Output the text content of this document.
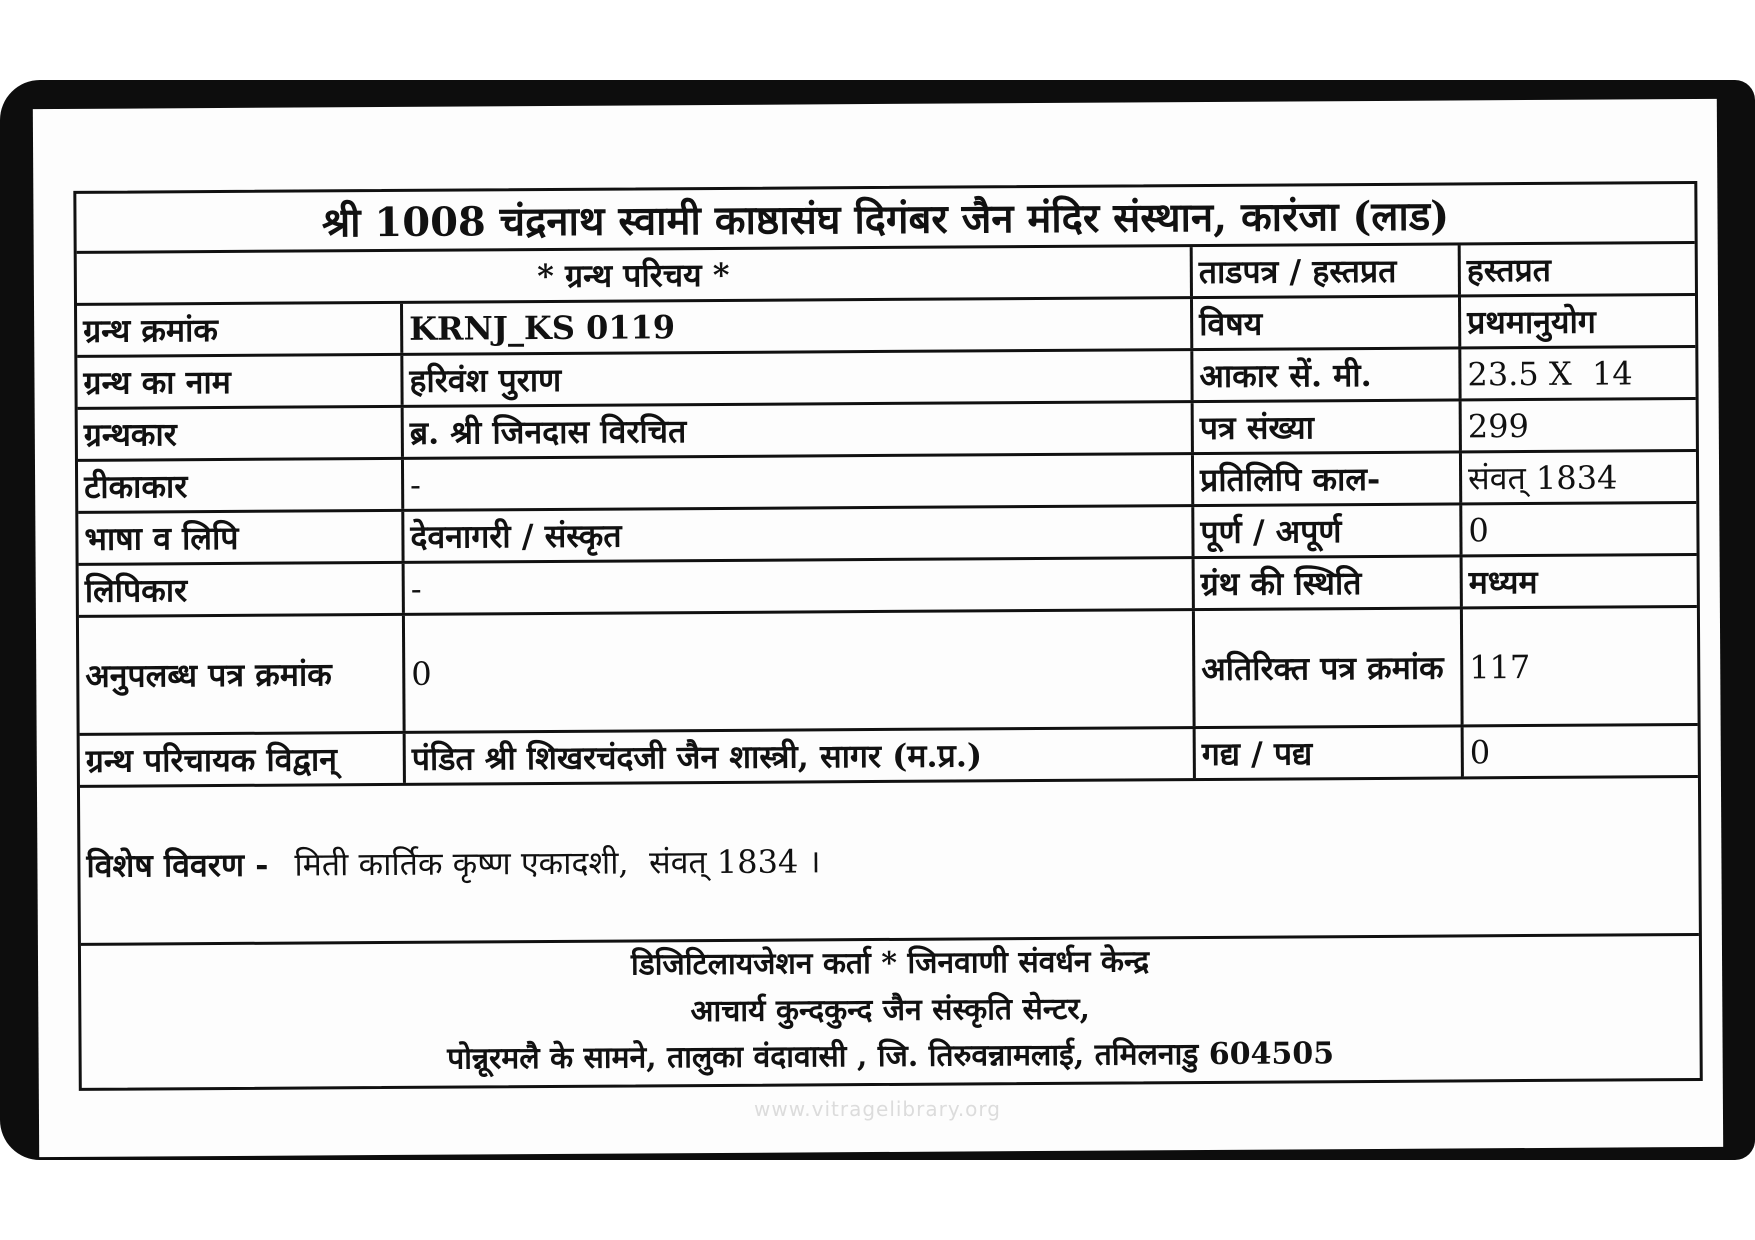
श्री 1008 चंद्रनाथ स्वामी काष्ठासंघ दिगंबर जैन मंदिर संस्थान, कारंजा (लाड)
* ग्रन्थ परिचय *	ताडपत्र / हस्तप्रत	हस्तप्रत
ग्रन्थ क्रमांक	KRNJ_KS 0119	विषय	प्रथमानुयोग
ग्रन्थ का नाम	हरिवंश पुराण	आकार सें. मी.	23.5 X  14
ग्रन्थकार	ब्र. श्री जिनदास विरचित	पत्र संख्या	299
टीकाकार	-	प्रतिलिपि काल-	संवत् 1834
भाषा व लिपि	देवनागरी / संस्कृत	पूर्ण / अपूर्ण	0
लिपिकार	-	ग्रंथ की स्थिति	मध्यम
अनुपलब्ध पत्र क्रमांक	0	अतिरिक्त पत्र क्रमांक 117
ग्रन्थ परिचायक विद्वान्	पंडित श्री शिखरचंदजी जैन शास्त्री, सागर (म.प्र.)	गद्य / पद्य	0
विशेष विवरण - मिती कार्तिक कृष्ण एकादशी,  संवत् 1834 ।
डिजिटिलायजेशन कर्ता * जिनवाणी संवर्धन केन्द्र
आचार्य कुन्दकुन्द जैन संस्कृति सेन्टर,
पोन्नूरमलै के सामने, तालुका वंदावासी , जि. तिरुवन्नामलाई, तमिलनाडु 604505
www.vitragelibrary.org
